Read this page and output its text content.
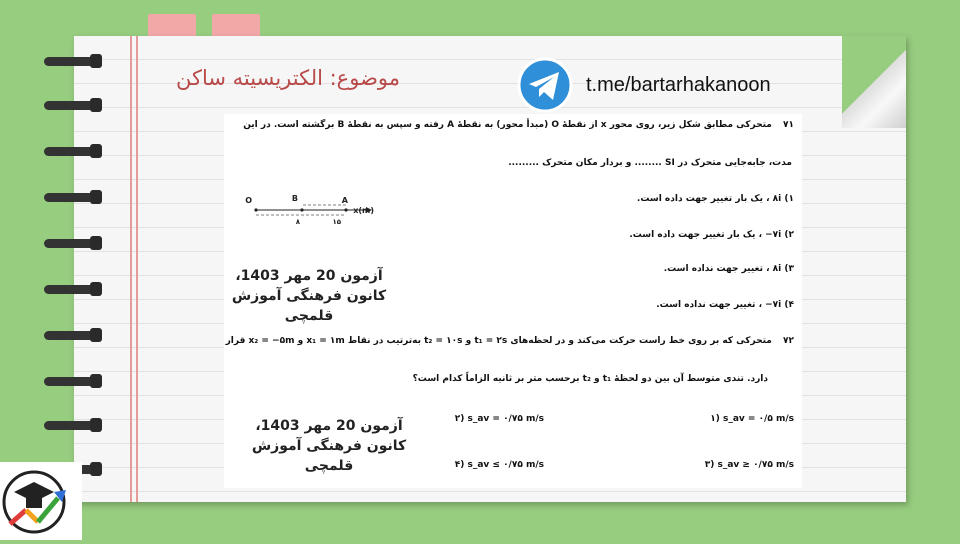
موضوع: الکتریسیته ساکن	t.me/bartarhakanoon
۷۱ متحرکی مطابق شکل زیر، روی محور x از نقطهٔ O (مبدأ محور) به نقطهٔ A رفته و سپس به نقطهٔ B برگشته است. در این
مدت، جابه‌جایی متحرک در SI ........ و بردار مکان متحرک .........
۱) ۸i ، یک بار تغییر جهت داده است.
۲) ۷i− ، یک بار تغییر جهت داده است.
۳) ۸i ، تغییر جهت نداده است.
۴) ۷i− ، تغییر جهت نداده است.
O	B	A
x(m)
۸	۱۵
آزمون 20 مهر 1403،
کانون فرهنگی آموزش قلمچی
۷۲ متحرکی که بر روی خط راست حرکت می‌کند و در لحظه‌های t₁ = ۲s و t₂ = ۱۰s به‌ترتیب در نقاط x₁ = ۱m و x₂ = −۵m قرار
دارد. تندی متوسط آن بین دو لحظهٔ t₁ و t₂ برحسب متر بر ثانیه الزاماً کدام است؟
۱) s_av = ۰/۵ m/s
۲) s_av = ۰/۷۵ m/s
۳) s_av ≥ ۰/۷۵ m/s
۴) s_av ≤ ۰/۷۵ m/s
آزمون 20 مهر 1403،
کانون فرهنگی آموزش قلمچی
